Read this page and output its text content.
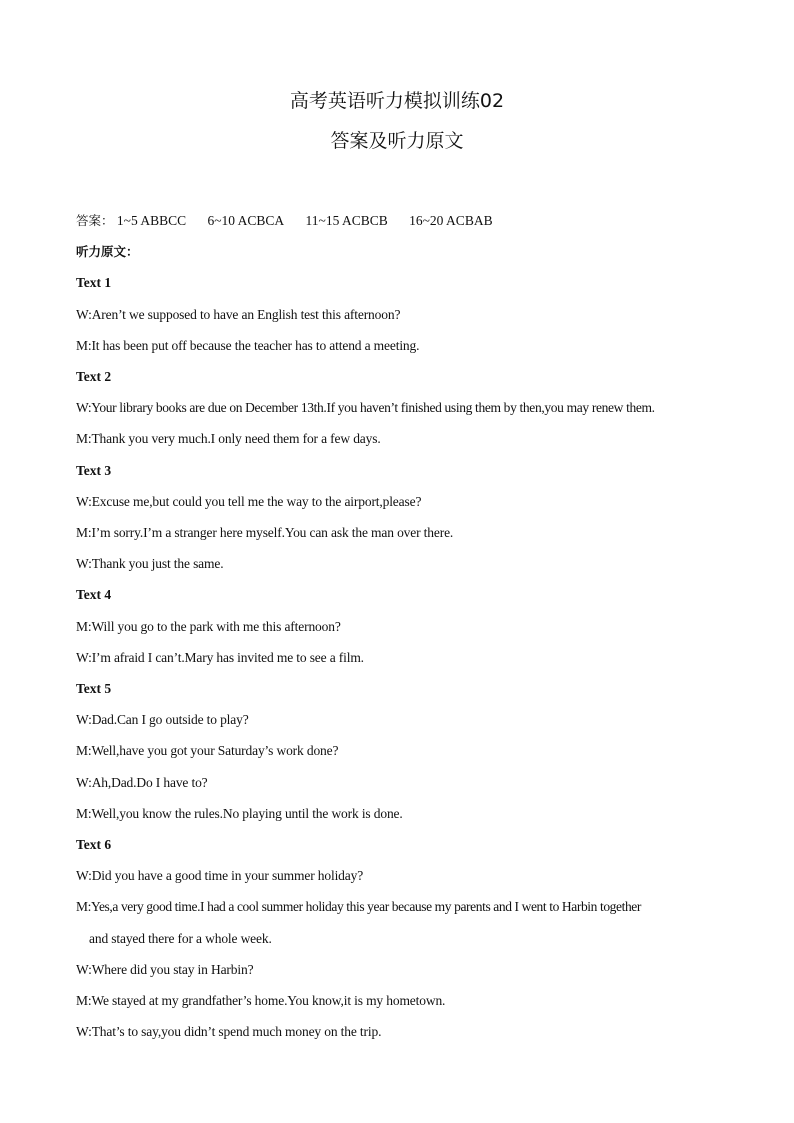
高考英语听力模拟训练02
答案及听力原文
答案： 1~5 ABBCC 6~10 ACBCA 11~15 ACBCB 16~20 ACBAB
听力原文：
Text 1
W:Aren’t we supposed to have an English test this afternoon?
M:It has been put off because the teacher has to attend a meeting.
Text 2
W:Your library books are due on December 13th.If you haven’t finished using them by then,you may renew them.
M:Thank you very much.I only need them for a few days.
Text 3
W:Excuse me,but could you tell me the way to the airport,please?
M:I’m sorry.I’m a stranger here myself.You can ask the man over there.
W:Thank you just the same.
Text 4
M:Will you go to the park with me this afternoon?
W:I’m afraid I can’t.Mary has invited me to see a film.
Text 5
W:Dad.Can I go outside to play?
M:Well,have you got your Saturday’s work done?
W:Ah,Dad.Do I have to?
M:Well,you know the rules.No playing until the work is done.
Text 6
W:Did you have a good time in your summer holiday?
M:Yes,a very good time.I had a cool summer holiday this year because my parents and I went to Harbin together
and stayed there for a whole week.
W:Where did you stay in Harbin?
M:We stayed at my grandfather’s home.You know,it is my hometown.
W:That’s to say,you didn’t spend much money on the trip.
